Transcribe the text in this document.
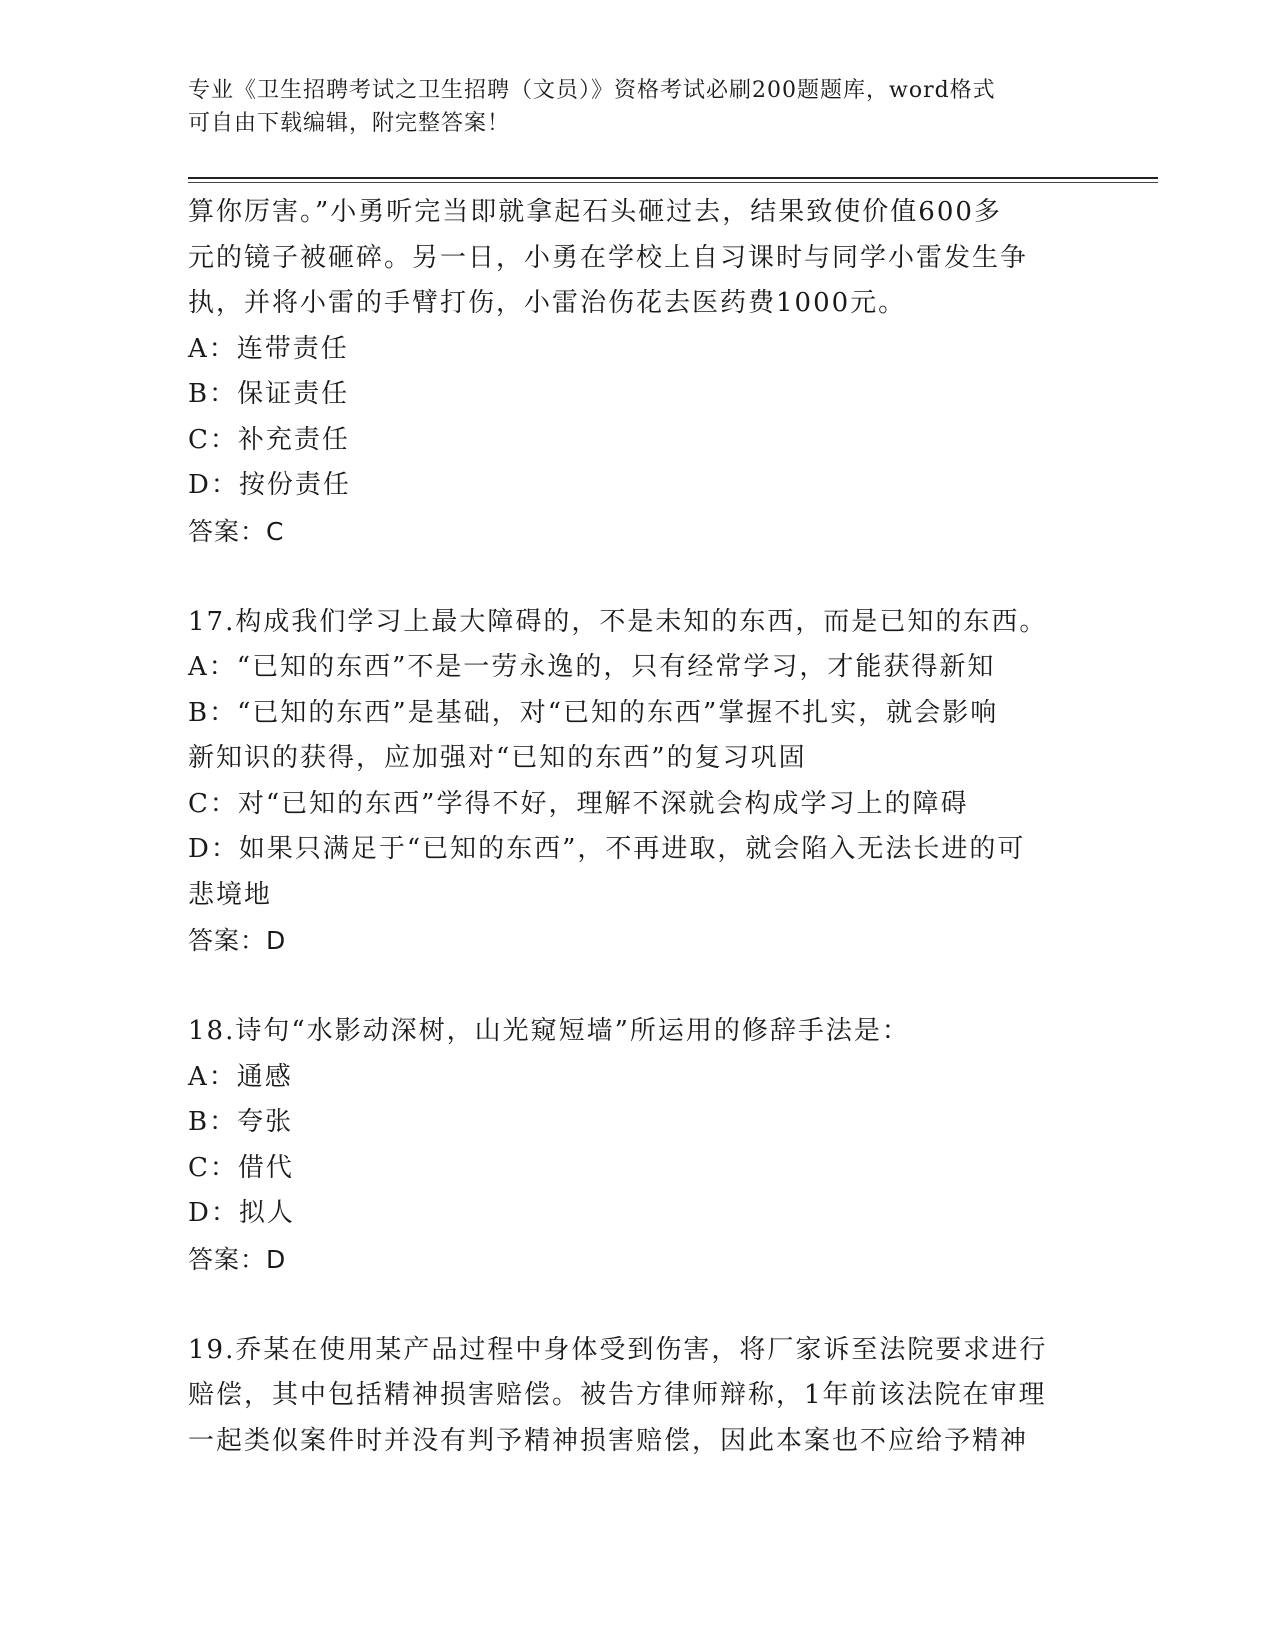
专业《卫生招聘考试之卫生招聘（文员）》资格考试必刷200题题库，word格式
可自由下载编辑，附完整答案！
算你厉害。”小勇听完当即就拿起石头砸过去，结果致使价值600多
元的镜子被砸碎。另一日，小勇在学校上自习课时与同学小雷发生争
执，并将小雷的手臂打伤，小雷治伤花去医药费1000元。
A：连带责任
B：保证责任
C：补充责任
D：按份责任
答案：C
17.构成我们学习上最大障碍的，不是未知的东西，而是已知的东西。
A：“已知的东西”不是一劳永逸的，只有经常学习，才能获得新知
B：“已知的东西”是基础，对“已知的东西”掌握不扎实，就会影响
新知识的获得，应加强对“已知的东西”的复习巩固
C：对“已知的东西”学得不好，理解不深就会构成学习上的障碍
D：如果只满足于“已知的东西”，不再进取，就会陷入无法长进的可
悲境地
答案：D
18.诗句“水影动深树，山光窥短墙”所运用的修辞手法是：
A：通感
B：夸张
C：借代
D：拟人
答案：D
19.乔某在使用某产品过程中身体受到伤害，将厂家诉至法院要求进行
赔偿，其中包括精神损害赔偿。被告方律师辩称，1年前该法院在审理
一起类似案件时并没有判予精神损害赔偿，因此本案也不应给予精神
